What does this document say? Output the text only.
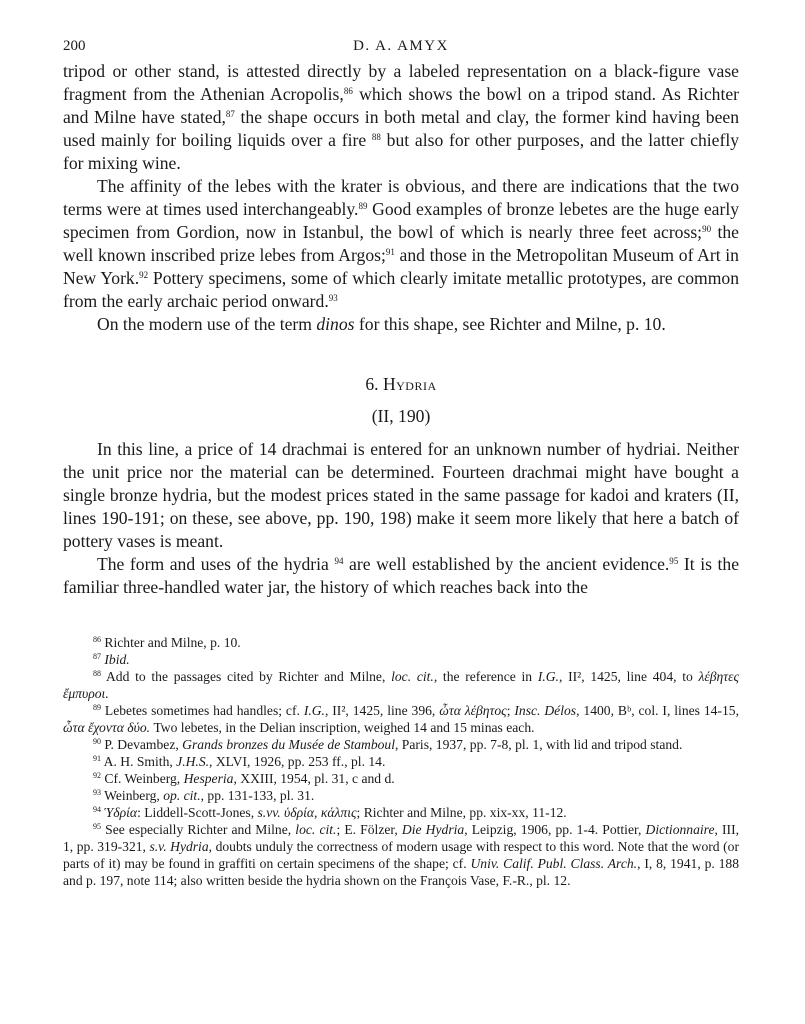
200	D. A. AMYX

tripod or other stand, is attested directly by a labeled representation on a black-figure vase fragment from the Athenian Acropolis,$^{86}$ which shows the bowl on a tripod stand. As Richter and Milne have stated,$^{87}$ the shape occurs in both metal and clay, the former kind having been used mainly for boiling liquids over a fire $^{88}$ but also for other purposes, and the latter chiefly for mixing wine.

The affinity of the lebes with the krater is obvious, and there are indications that the two terms were at times used interchangeably.$^{89}$ Good examples of bronze lebetes are the huge early specimen from Gordion, now in Istanbul, the bowl of which is nearly three feet across;$^{90}$ the well known inscribed prize lebes from Argos;$^{91}$ and those in the Metropolitan Museum of Art in New York.$^{92}$ Pottery specimens, some of which clearly imitate metallic prototypes, are common from the early archaic period onward.$^{93}$

On the modern use of the term dinos for this shape, see Richter and Milne, p. 10.

6. Hydria
(II, 190)

In this line, a price of 14 drachmai is entered for an unknown number of hydriai. Neither the unit price nor the material can be determined. Fourteen drachmai might have bought a single bronze hydria, but the modest prices stated in the same passage for kadoi and kraters (II, lines 190-191; on these, see above, pp. 190, 198) make it seem more likely that here a batch of pottery vases is meant.

The form and uses of the hydria $^{94}$ are well established by the ancient evidence.$^{95}$ It is the familiar three-handled water jar, the history of which reaches back into the

$^{86}$ Richter and Milne, p. 10.

$^{87}$ Ibid.

$^{88}$ Add to the passages cited by Richter and Milne, loc. cit., the reference in I.G., II², 1425, line 404, to λέβητες ἔμπυροι.

$^{89}$ Lebetes sometimes had handles; cf. I.G., II², 1425, line 396, ὦτα λέβητος; Insc. Délos, 1400, Bᵇ, col. I, lines 14-15, ὦτα ἔχοντα δύο. Two lebetes, in the Delian inscription, weighed 14 and 15 minas each.

$^{90}$ P. Devambez, Grands bronzes du Musée de Stamboul, Paris, 1937, pp. 7-8, pl. 1, with lid and tripod stand.

$^{91}$ A. H. Smith, J.H.S., XLVI, 1926, pp. 253 ff., pl. 14.

$^{92}$ Cf. Weinberg, Hesperia, XXIII, 1954, pl. 31, c and d.

$^{93}$ Weinberg, op. cit., pp. 131-133, pl. 31.

$^{94}$ Ὑδρία: Liddell-Scott-Jones, s.vv. ὑδρία, κάλπις; Richter and Milne, pp. xix-xx, 11-12.

$^{95}$ See especially Richter and Milne, loc. cit.; E. Fölzer, Die Hydria, Leipzig, 1906, pp. 1-4. Pottier, Dictionnaire, III, 1, pp. 319-321, s.v. Hydria, doubts unduly the correctness of modern usage with respect to this word. Note that the word (or parts of it) may be found in graffiti on certain specimens of the shape; cf. Univ. Calif. Publ. Class. Arch., I, 8, 1941, p. 188 and p. 197, note 114; also written beside the hydria shown on the François Vase, F.-R., pl. 12.
